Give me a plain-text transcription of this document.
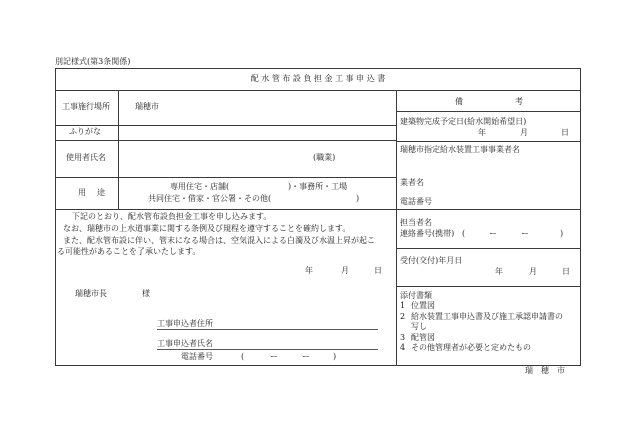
別記様式(第3条関係)
配 水 管 布 設 負 担 金 工 事 申 込 書
工事施行場所	瑞穂市
ふりがな
使用者氏名	(職業)
用 途
専用住宅・店舗(	)・事務所・工場
共同住宅・借家・官公署・その他(	)
下記のとおり、配水管布設負担金工事を申し込みます。
なお、瑞穂市の上水道事業に関する条例及び規程を遵守することを確約します。
また、配水管布設に伴い、管末になる場合は、空気混入による白濁及び水温上昇が起こ
る可能性があることを了承いたします。
年	月	日
瑞穂市長	様
工事申込者住所
工事申込者氏名
電話番号	(	ー	ー	)
備	考
建築物完成予定日(給水開始希望日)
年	月	日
瑞穂市指定給水装置工事事業者名
業者名
電話番号
担当者名
連絡番号(携帯) (	ー	ー	)
受付(交付)年月日
年	月	日
添付書類
1 位置図
2 給水装置工事申込書及び施工承認申請書の
写し
3 配管図
4 その他管理者が必要と定めたもの
瑞　穂　市
